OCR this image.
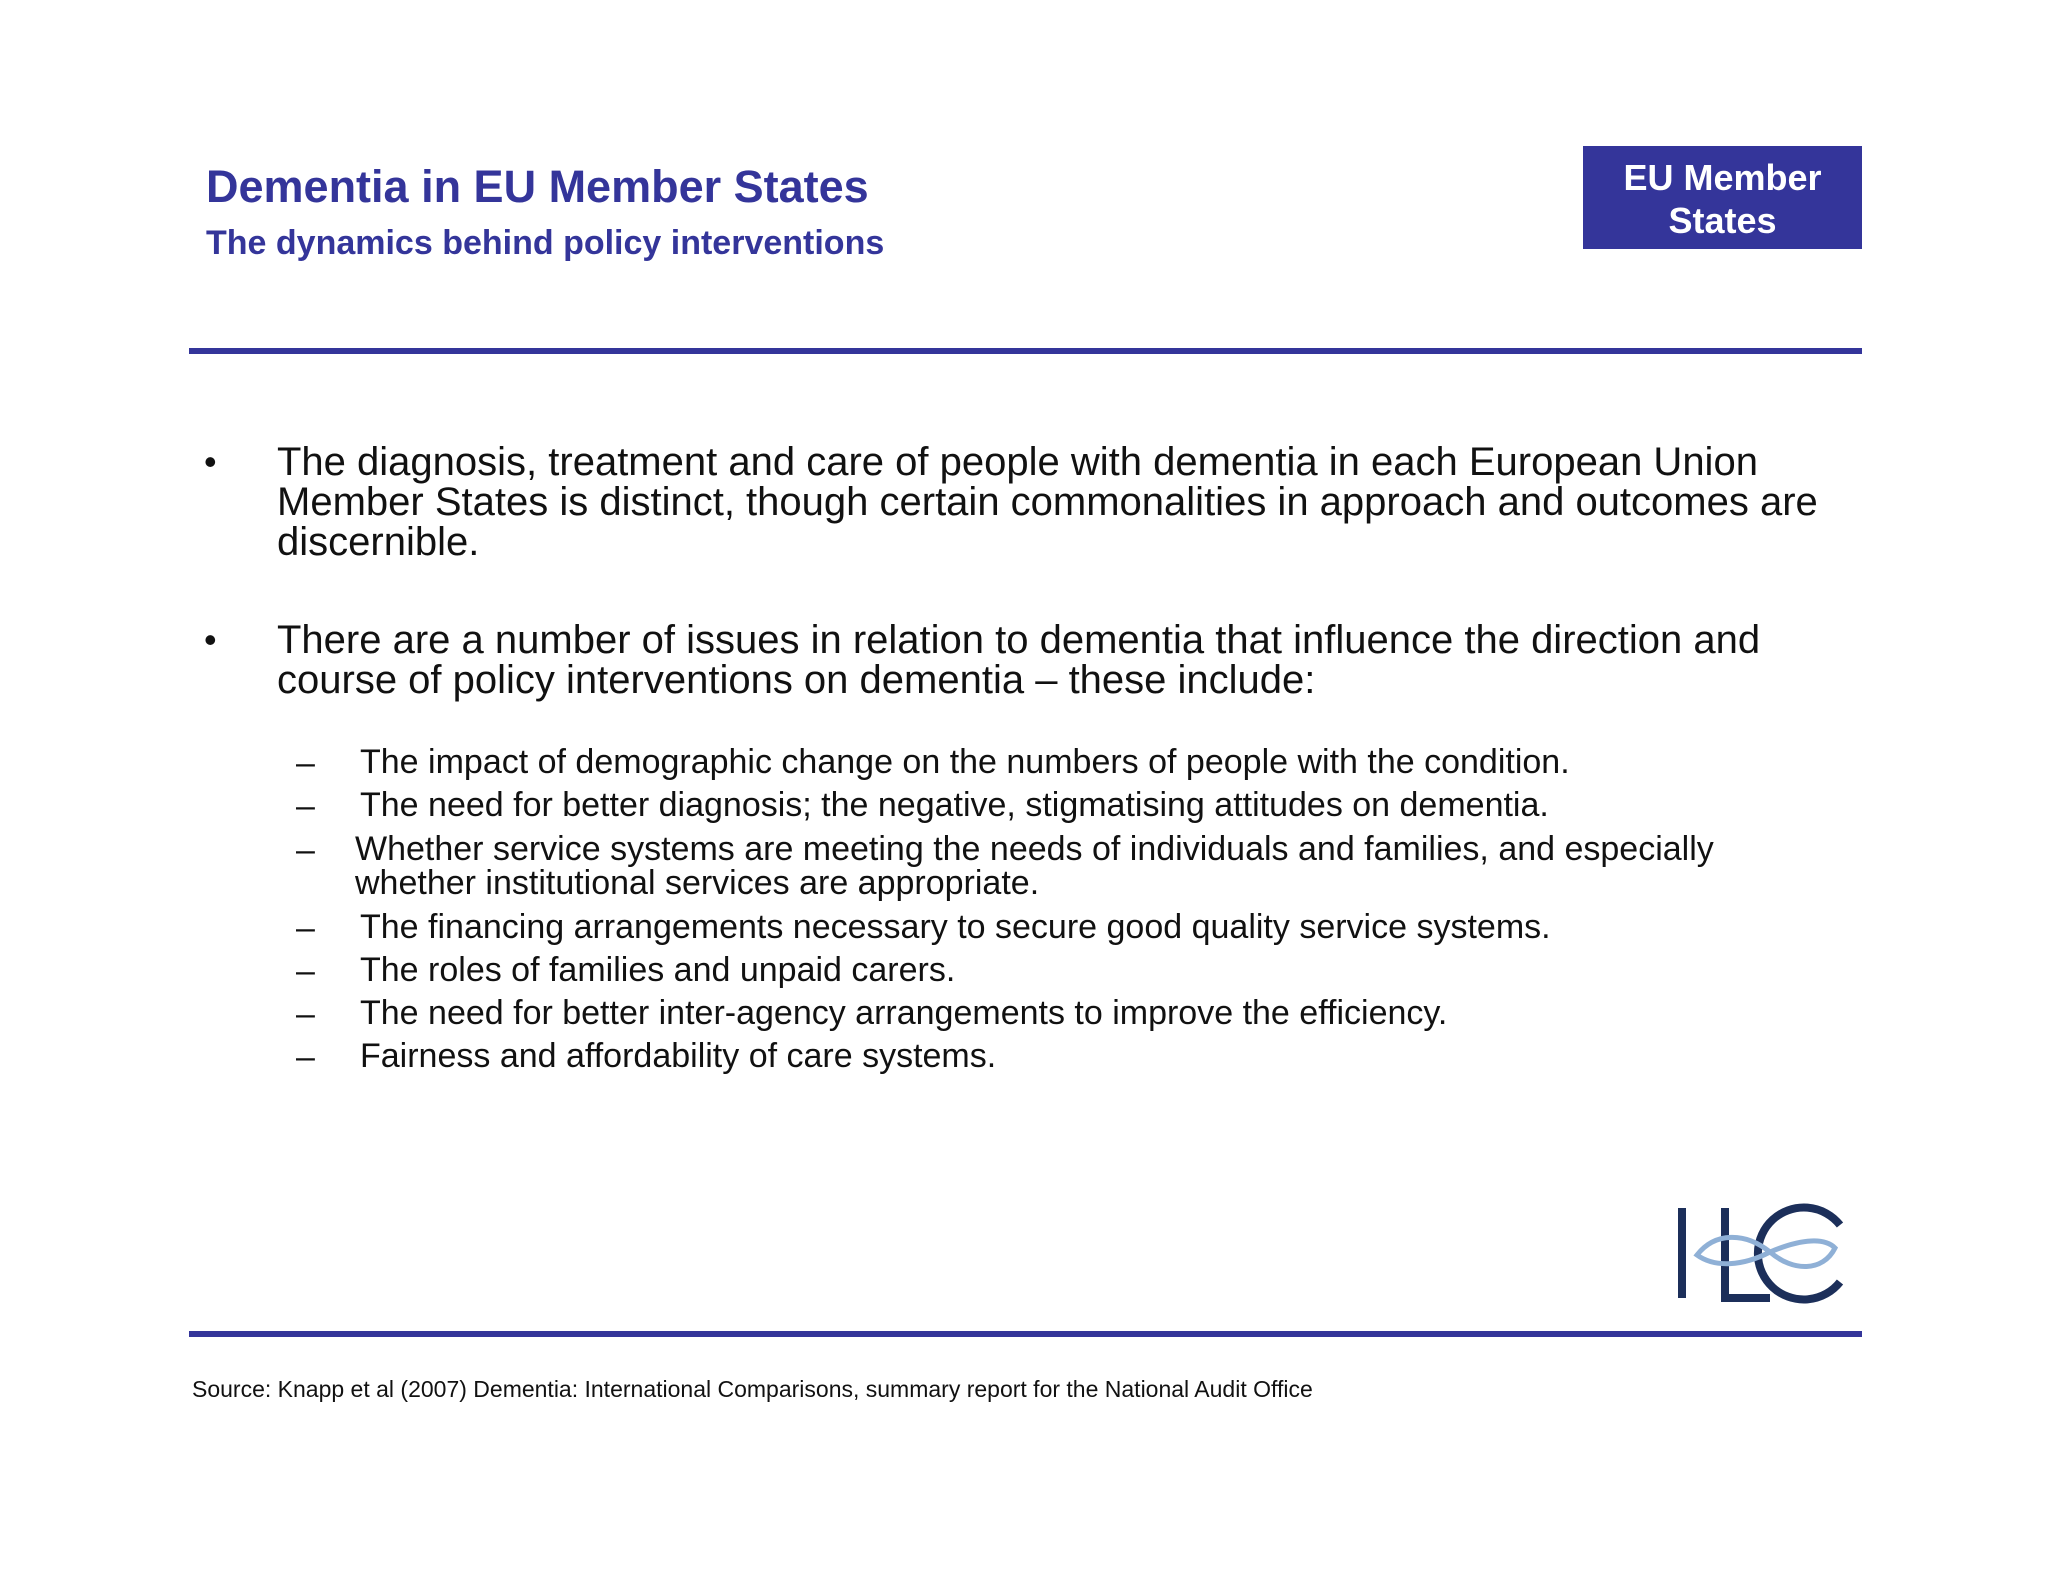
Dementia in EU Member States
The dynamics behind policy interventions
EU Member
States
• The diagnosis, treatment and care of people with dementia in each European Union Member States is distinct, though certain commonalities in approach and outcomes are discernible.
• There are a number of issues in relation to dementia that influence the direction and course of policy interventions on dementia – these include:
– The impact of demographic change on the numbers of people with the condition.
– The need for better diagnosis; the negative, stigmatising attitudes on dementia.
– Whether service systems are meeting the needs of individuals and families, and especially whether institutional services are appropriate.
– The financing arrangements necessary to secure good quality service systems.
– The roles of families and unpaid carers.
– The need for better inter-agency arrangements to improve the efficiency.
– Fairness and affordability of care systems.
Source: Knapp et al (2007) Dementia: International Comparisons, summary report for the National Audit Office
